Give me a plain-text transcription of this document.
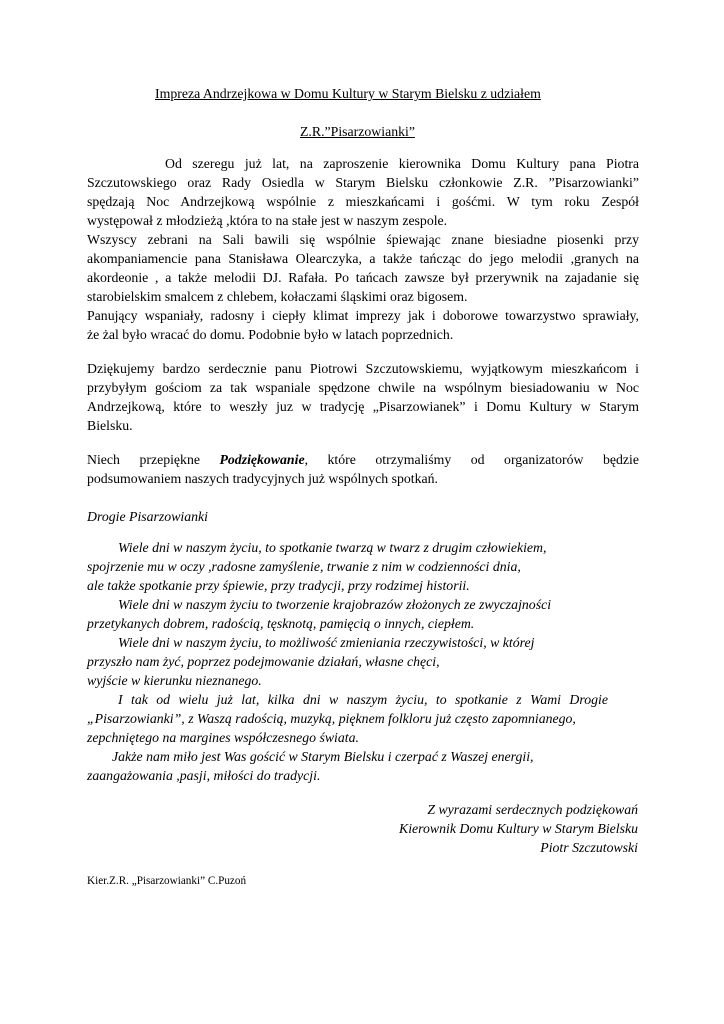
Impreza Andrzejkowa w Domu Kultury w Starym Bielsku z udziałem

Z.R.”Pisarzowianki”

Od szeregu już lat, na zaproszenie kierownika Domu Kultury pana Piotra

Szczutowskiego oraz Rady Osiedla w Starym Bielsku członkowie Z.R. ”Pisarzowianki”

spędzają Noc Andrzejkową wspólnie z mieszkańcami i gośćmi. W tym roku Zespół

występował z młodzieżą ,która to na stałe jest w naszym zespole.

Wszyscy zebrani na Sali bawili się wspólnie śpiewając znane biesiadne piosenki przy

akompaniamencie pana Stanisława Olearczyka, a także tańcząc do jego melodii ,granych na

akordeonie , a także melodii DJ. Rafała. Po tańcach zawsze był przerywnik na zajadanie się

starobielskim smalcem z chlebem, kołaczami śląskimi oraz bigosem.

Panujący wspaniały, radosny i ciepły klimat imprezy jak i doborowe towarzystwo sprawiały,

że żal było wracać do domu. Podobnie było w latach poprzednich.

Dziękujemy bardzo serdecznie panu Piotrowi Szczutowskiemu, wyjątkowym mieszkańcom i

przybyłym gościom za tak wspaniale spędzone chwile na wspólnym biesiadowaniu w Noc

Andrzejkową, które to weszły juz w tradycję „Pisarzowianek” i Domu Kultury w Starym

Bielsku.

Niech przepiękne Podziękowanie, które otrzymaliśmy od organizatorów będzie

podsumowaniem naszych tradycyjnych już wspólnych spotkań.

Drogie Pisarzowianki

Wiele dni w naszym życiu, to spotkanie twarzą w twarz z drugim człowiekiem,

spojrzenie mu w oczy ,radosne zamyślenie, trwanie z nim w codzienności dnia,

ale także spotkanie przy śpiewie, przy tradycji, przy rodzimej historii.

Wiele dni w naszym życiu to tworzenie krajobrazów złożonych ze zwyczajności

przetykanych dobrem, radością, tęsknotą, pamięcią o innych, ciepłem.

Wiele dni w naszym życiu, to możliwość zmieniania rzeczywistości, w której

przyszło nam żyć, poprzez podejmowanie działań, własne chęci,

wyjście w kierunku nieznanego.

I tak od wielu już lat, kilka dni w naszym życiu, to spotkanie z Wami Drogie

„Pisarzowianki”, z Waszą radością, muzyką, pięknem folkloru już często zapomnianego,

zepchniętego na margines współczesnego świata.

Jakże nam miło jest Was gościć w Starym Bielsku i czerpać z Waszej energii,

zaangażowania ,pasji, miłości do tradycji.

Z wyrazami serdecznych podziękowań

Kierownik Domu Kultury w Starym Bielsku

Piotr Szczutowski

Kier.Z.R. „Pisarzowianki” C.Puzoń
